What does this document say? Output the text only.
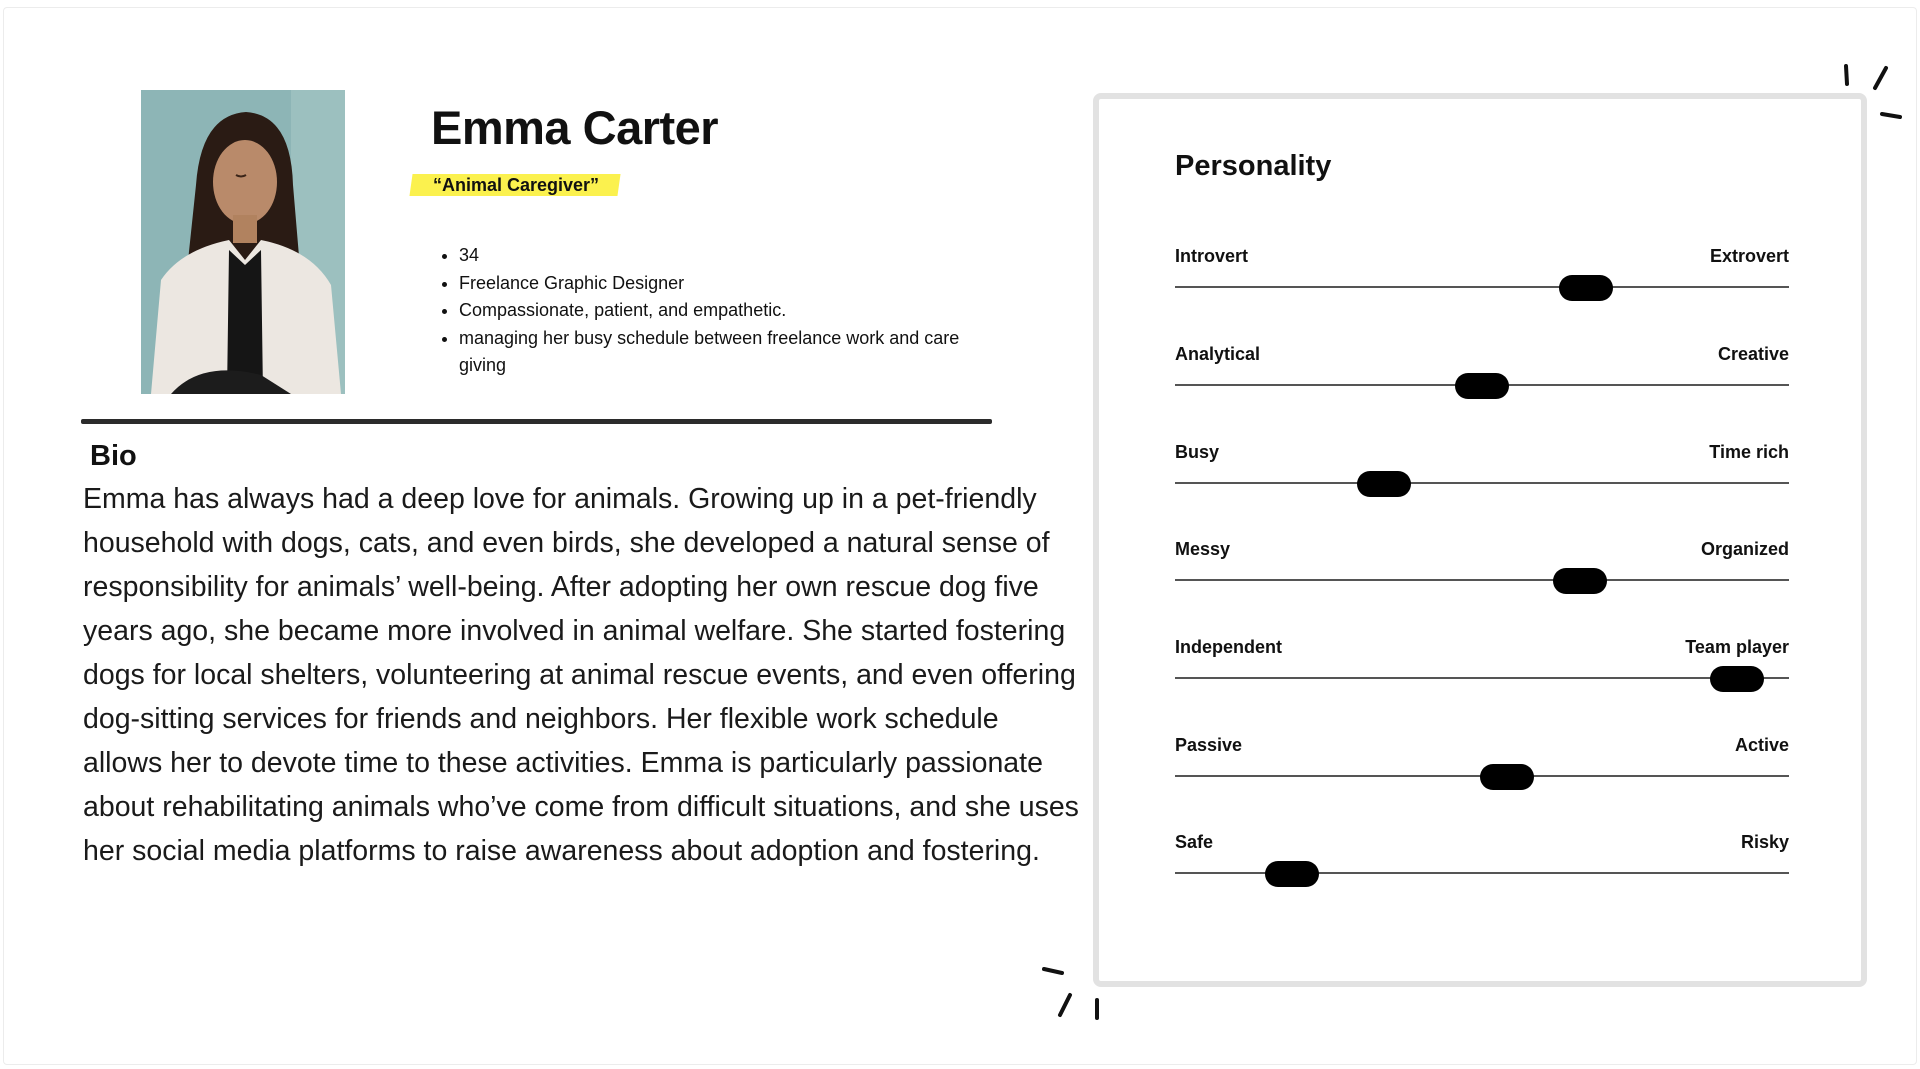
Emma Carter
“Animal Caregiver”
• 34
• Freelance Graphic Designer
• Compassionate, patient, and empathetic.
• managing her busy schedule between freelance work and care giving
Bio

Emma has always had a deep love for animals. Growing up in a pet-friendly household with dogs, cats, and even birds, she developed a natural sense of responsibility for animals’ well-being. After adopting her own rescue dog five years ago, she became more involved in animal welfare. She started fostering dogs for local shelters, volunteering at animal rescue events, and even offering dog-sitting services for friends and neighbors. Her flexible work schedule allows her to devote time to these activities. Emma is particularly passionate about rehabilitating animals who’ve come from difficult situations, and she uses her social media platforms to raise awareness about adoption and fostering.

Personality
Introvert	Extrovert
Analytical	Creative
Busy	Time rich
Messy	Organized
Independent	Team player
Passive	Active
Safe	Risky
